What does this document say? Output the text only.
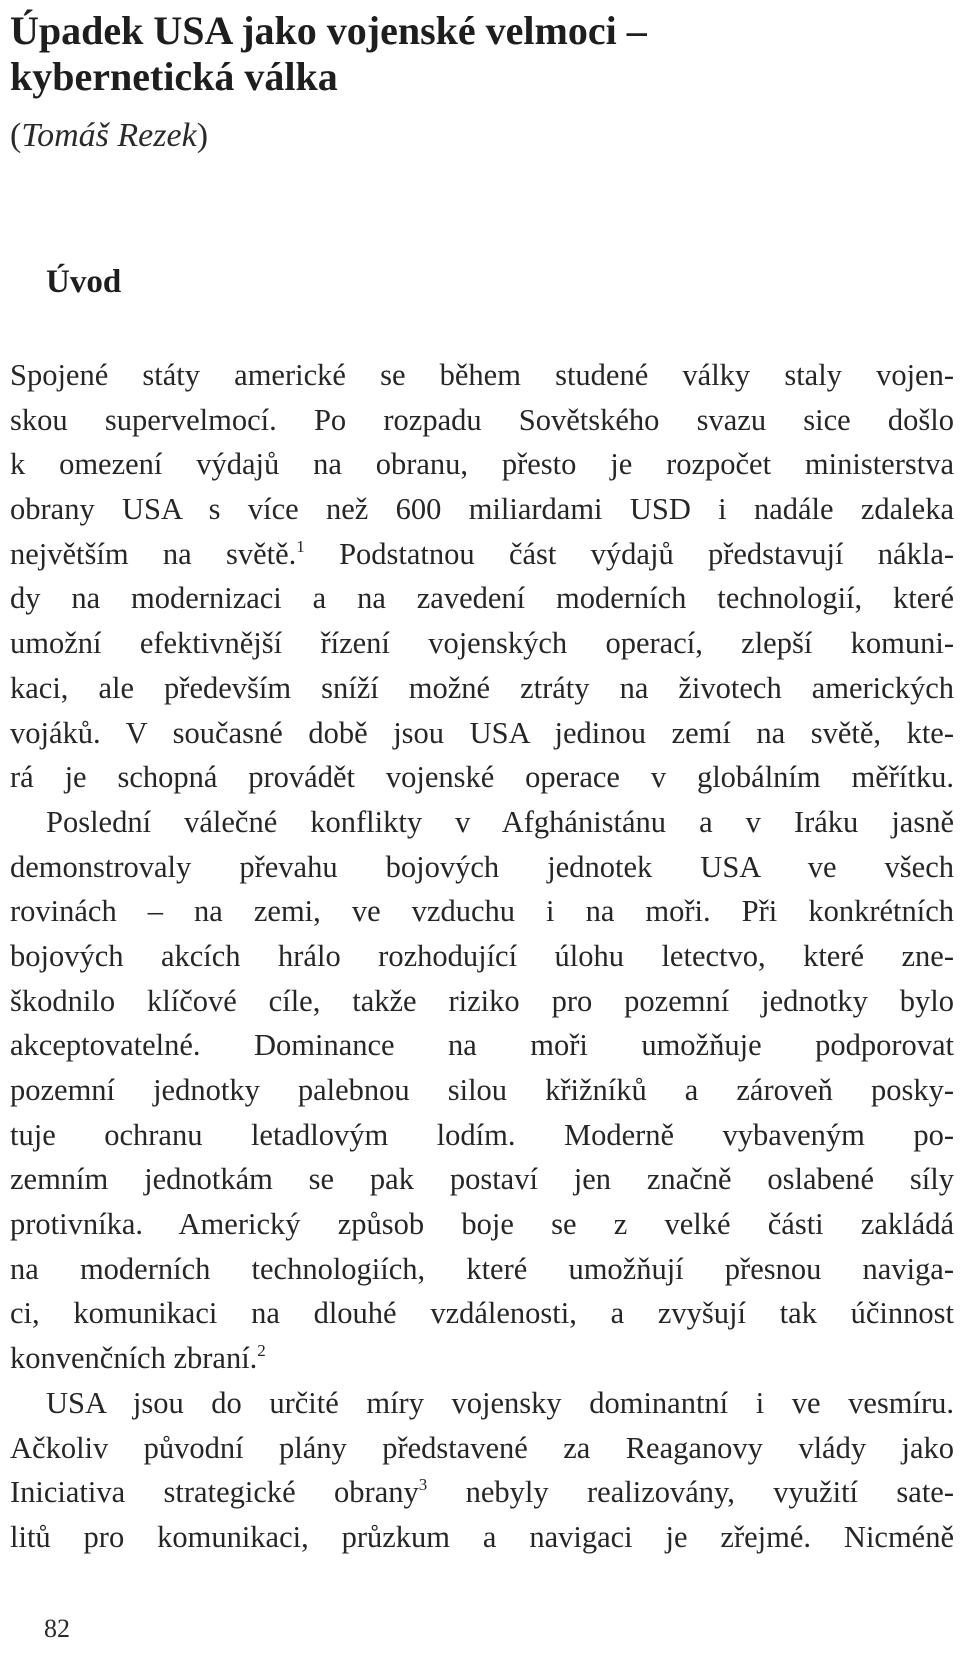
Úpadek USA jako vojenské velmoci –
kybernetická válka
(Tomáš Rezek)
Úvod

Spojené státy americké se během studené války staly vojen-
skou supervelmocí. Po rozpadu Sovětského svazu sice došlo
k omezení výdajů na obranu, přesto je rozpočet ministerstva
obrany USA s více než 600 miliardami USD i nadále zdaleka
největším na světě.$^1$ Podstatnou část výdajů představují nákla-
dy na modernizaci a na zavedení moderních technologií, které
umožní efektivnější řízení vojenských operací, zlepší komuni-
kaci, ale především sníží možné ztráty na životech amerických
vojáků. V současné době jsou USA jedinou zemí na světě, kte-
rá je schopná provádět vojenské operace v globálním měřítku.
Poslední válečné konflikty v Afghánistánu a v Iráku jasně
demonstrovaly převahu bojových jednotek USA ve všech
rovinách – na zemi, ve vzduchu i na moři. Při konkrétních
bojových akcích hrálo rozhodující úlohu letectvo, které zne-
škodnilo klíčové cíle, takže riziko pro pozemní jednotky bylo
akceptovatelné. Dominance na moři umožňuje podporovat
pozemní jednotky palebnou silou křižníků a zároveň posky-
tuje ochranu letadlovým lodím. Moderně vybaveným po-
zemním jednotkám se pak postaví jen značně oslabené síly
protivníka. Americký způsob boje se z velké části zakládá
na moderních technologiích, které umožňují přesnou naviga-
ci, komunikaci na dlouhé vzdálenosti, a zvyšují tak účinnost
konvenčních zbraní.$^2$

USA jsou do určité míry vojensky dominantní i ve vesmíru.
Ačkoliv původní plány představené za Reaganovy vlády jako
Iniciativa strategické obrany$^3$ nebyly realizovány, využití sate-
litů pro komunikaci, průzkum a navigaci je zřejmé. Nicméně

82
